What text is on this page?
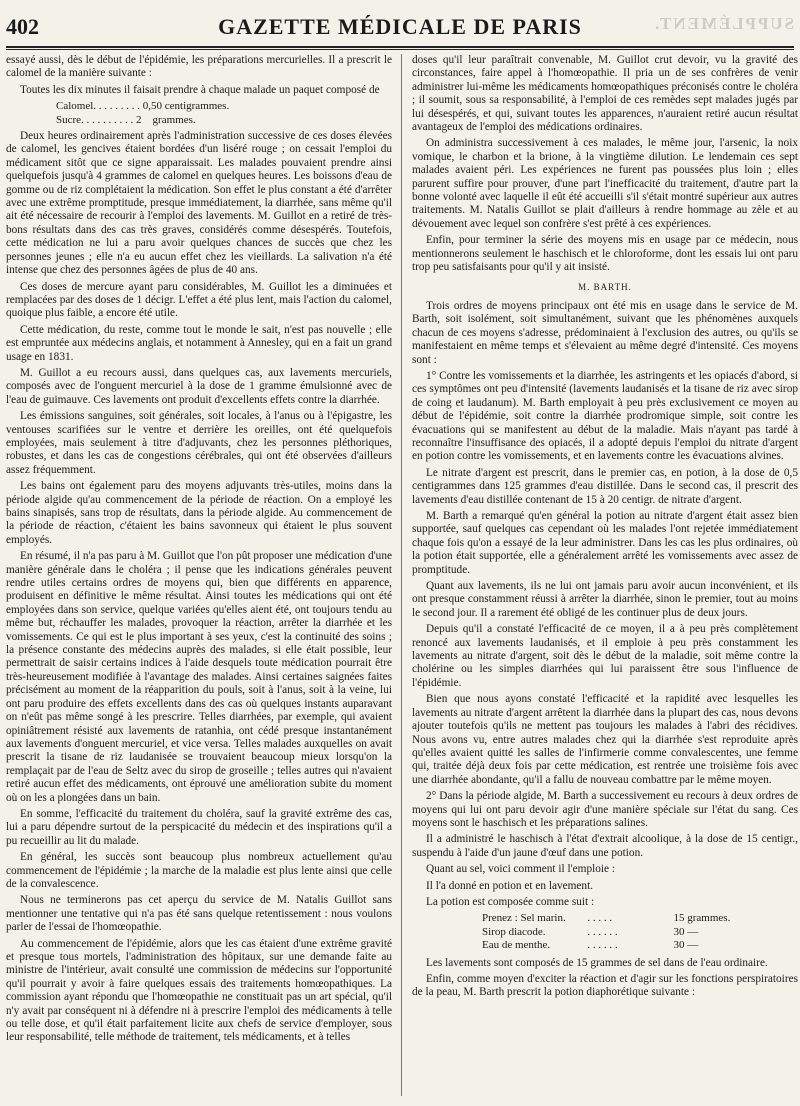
402	GAZETTE MÉDICALE DE PARIS	SUPPLÉMENT.

essayé aussi, dès le début de l'épidémie, les préparations mercurielles. Il a prescrit le calomel de la manière suivante :

Toutes les dix minutes il faisait prendre à chaque malade un paquet composé de

Calomel. . . . . . . . . 0,50 centigrammes.
Sucre. . . . . . . . . . 2    grammes.

Deux heures ordinairement après l'administration successive de ces doses élevées de calomel, les gencives étaient bordées d'un liséré rouge ; on cessait l'emploi du médicament sitôt que ce signe apparaissait. Les malades pouvaient prendre ainsi quelquefois jusqu'à 4 grammes de calomel en quelques heures. Les boissons d'eau de gomme ou de riz complétaient la médication. Son effet le plus constant a été d'arrêter avec une extrême promptitude, presque immédiatement, la diarrhée, sans même qu'il ait été nécessaire de recourir à l'emploi des lavements. M. Guillot en a retiré de très-bons résultats dans des cas très graves, considérés comme désespérés. Toutefois, cette médication ne lui a paru avoir quelques chances de succès que chez les personnes jeunes ; elle n'a eu aucun effet chez les vieillards. La salivation n'a été intense que chez des personnes âgées de plus de 40 ans.

Ces doses de mercure ayant paru considérables, M. Guillot les a diminuées et remplacées par des doses de 1 décigr. L'effet a été plus lent, mais l'action du calomel, quoique plus faible, a encore été utile.

Cette médication, du reste, comme tout le monde le sait, n'est pas nouvelle ; elle est empruntée aux médecins anglais, et notamment à Annesley, qui en a fait un grand usage en 1831.

M. Guillot a eu recours aussi, dans quelques cas, aux lavements mercuriels, composés avec de l'onguent mercuriel à la dose de 1 gramme émulsionné avec de l'eau de guimauve. Ces lavements ont produit d'excellents effets contre la diarrhée.

Les émissions sanguines, soit générales, soit locales, à l'anus ou à l'épigastre, les ventouses scarifiées sur le ventre et derrière les oreilles, ont été quelquefois employées, mais seulement à titre d'adjuvants, chez les personnes pléthoriques, robustes, et dans les cas de congestions cérébrales, qui ont été observées d'ailleurs assez fréquemment.

Les bains ont également paru des moyens adjuvants très-utiles, moins dans la période algide qu'au commencement de la période de réaction. On a employé les bains sinapisés, sans trop de résultats, dans la période algide. Au commencement de la période de réaction, c'étaient les bains savonneux qui étaient le plus souvent employés.

En résumé, il n'a pas paru à M. Guillot que l'on pût proposer une médication d'une manière générale dans le choléra ; il pense que les indications générales peuvent rendre utiles certains ordres de moyens qui, bien que différents en apparence, produisent en définitive le même résultat. Ainsi toutes les médications qui ont été employées dans son service, quelque variées qu'elles aient été, ont toujours tendu au même but, réchauffer les malades, provoquer la réaction, arrêter la diarrhée et les vomissements. Ce qui est le plus important à ses yeux, c'est la continuité des soins ; la présence constante des médecins auprès des malades, si elle était possible, leur permettrait de saisir certains indices à l'aide desquels toute médication pourrait être très-heureusement modifiée à l'avantage des malades. Ainsi certaines saignées faites précisément au moment de la réapparition du pouls, soit à l'anus, soit à la veine, lui ont paru produire des effets excellents dans des cas où quelques instants auparavant on n'eût pas même songé à les prescrire. Telles diarrhées, par exemple, qui avaient opiniâtrement résisté aux lavements de ratanhia, ont cédé presque instantanément aux lavements d'onguent mercuriel, et vice versa. Telles malades auxquelles on avait prescrit la tisane de riz laudanisée se trouvaient beaucoup mieux lorsqu'on la remplaçait par de l'eau de Seltz avec du sirop de groseille ; telles autres qui n'avaient retiré aucun effet des médicaments, ont éprouvé une amélioration subite du moment où on les a plongées dans un bain.

En somme, l'efficacité du traitement du choléra, sauf la gravité extrême des cas, lui a paru dépendre surtout de la perspicacité du médecin et des inspirations qu'il a pu recueillir au lit du malade.

En général, les succès sont beaucoup plus nombreux actuellement qu'au commencement de l'épidémie ; la marche de la maladie est plus lente ainsi que celle de la convalescence.

Nous ne terminerons pas cet aperçu du service de M. Natalis Guillot sans mentionner une tentative qui n'a pas été sans quelque retentissement : nous voulons parler de l'essai de l'homœopathie.

Au commencement de l'épidémie, alors que les cas étaient d'une extrême gravité et presque tous mortels, l'administration des hôpitaux, sur une demande faite au ministre de l'intérieur, avait consulté une commission de médecins sur l'opportunité qu'il pourrait y avoir à faire quelques essais des traitements homœopathiques. La commission ayant répondu que l'homœopathie ne constituait pas un art spécial, qu'il n'y avait par conséquent ni à défendre ni à prescrire l'emploi des médicaments à telle ou telle dose, et qu'il était parfaitement licite aux chefs de service d'employer, sous leur responsabilité, telle méthode de traitement, tels médicaments, et à telles

doses qu'il leur paraîtrait convenable, M. Guillot crut devoir, vu la gravité des circonstances, faire appel à l'homœopathie. Il pria un de ses confrères de venir administrer lui-même les médicaments homœopathiques préconisés contre le choléra ; il soumit, sous sa responsabilité, à l'emploi de ces remèdes sept malades jugés par lui désespérés, et qui, suivant toutes les apparences, n'auraient retiré aucun résultat avantageux de l'emploi des médications ordinaires.

On administra successivement à ces malades, le même jour, l'arsenic, la noix vomique, le charbon et la brione, à la vingtième dilution. Le lendemain ces sept malades avaient péri. Les expériences ne furent pas poussées plus loin ; elles parurent suffire pour prouver, d'une part l'inefficacité du traitement, d'autre part la bonne volonté avec laquelle il eût été accueilli s'il s'était montré supérieur aux autres traitements. M. Natalis Guillot se plait d'ailleurs à rendre hommage au zèle et au dévouement avec lequel son confrère s'est prêté à ces expériences.

Enfin, pour terminer la série des moyens mis en usage par ce médecin, nous mentionnerons seulement le haschisch et le chloroforme, dont les essais lui ont paru trop peu satisfaisants pour qu'il y ait insisté.

M. BARTH.

Trois ordres de moyens principaux ont été mis en usage dans le service de M. Barth, soit isolément, soit simultanément, suivant que les phénomènes auxquels chacun de ces moyens s'adresse, prédominaient à l'exclusion des autres, ou qu'ils se manifestaient en même temps et s'élevaient au même degré d'intensité. Ces moyens sont :

1° Contre les vomissements et la diarrhée, les astringents et les opiacés d'abord, si ces symptômes ont peu d'intensité (lavements laudanisés et la tisane de riz avec sirop de coing et laudanum). M. Barth employait à peu près exclusivement ce moyen au début de l'épidémie, soit contre la diarrhée prodromique simple, soit contre les évacuations qui se manifestent au début de la maladie. Mais n'ayant pas tardé à reconnaître l'insuffisance des opiacés, il a adopté depuis l'emploi du nitrate d'argent en potion contre les vomissements, et en lavements contre les évacuations alvines.

Le nitrate d'argent est prescrit, dans le premier cas, en potion, à la dose de 0,5 centigrammes dans 125 grammes d'eau distillée. Dans le second cas, il prescrit des lavements d'eau distillée contenant de 15 à 20 centigr. de nitrate d'argent.

M. Barth a remarqué qu'en général la potion au nitrate d'argent était assez bien supportée, sauf quelques cas cependant où les malades l'ont rejetée immédiatement chaque fois qu'on a essayé de la leur administrer. Dans les cas les plus ordinaires, où la potion était supportée, elle a généralement arrêté les vomissements avec assez de promptitude.

Quant aux lavements, ils ne lui ont jamais paru avoir aucun inconvénient, et ils ont presque constamment réussi à arrêter la diarrhée, sinon le premier, tout au moins le second jour. Il a rarement été obligé de les continuer plus de deux jours.

Depuis qu'il a constaté l'efficacité de ce moyen, il a à peu près complètement renoncé aux lavements laudanisés, et il emploie à peu près constamment les lavements au nitrate d'argent, soit dès le début de la maladie, soit même contre la cholérine ou les simples diarrhées qui lui paraissent être sous l'influence de l'épidémie.

Bien que nous ayons constaté l'efficacité et la rapidité avec lesquelles les lavements au nitrate d'argent arrêtent la diarrhée dans la plupart des cas, nous devons ajouter toutefois qu'ils ne mettent pas toujours les malades à l'abri des récidives. Nous avons vu, entre autres malades chez qui la diarrhée s'est reproduite après qu'elles avaient quitté les salles de l'infirmerie comme convalescentes, une femme qui, traitée déjà deux fois par cette médication, est rentrée une troisième fois avec une diarrhée abondante, qu'il a fallu de nouveau combattre par le même moyen.

2° Dans la période algide, M. Barth a successivement eu recours à deux ordres de moyens qui lui ont paru devoir agir d'une manière spéciale sur l'état du sang. Ces moyens sont le haschisch et les préparations salines.

Il a administré le haschisch à l'état d'extrait alcoolique, à la dose de 15 centigr., suspendu à l'aide d'un jaune d'œuf dans une potion.

Quant au sel, voici comment il l'emploie :

Il l'a donné en potion et en lavement.

La potion est composée comme suit :

Prenez : Sel marin.	. . . . .	15 grammes.
Sirop diacode.	. . . . . .	30 —
Eau de menthe.	. . . . . .	30 —

Les lavements sont composés de 15 grammes de sel dans de l'eau ordinaire.

Enfin, comme moyen d'exciter la réaction et d'agir sur les fonctions perspiratoires de la peau, M. Barth prescrit la potion diaphorétique suivante :
